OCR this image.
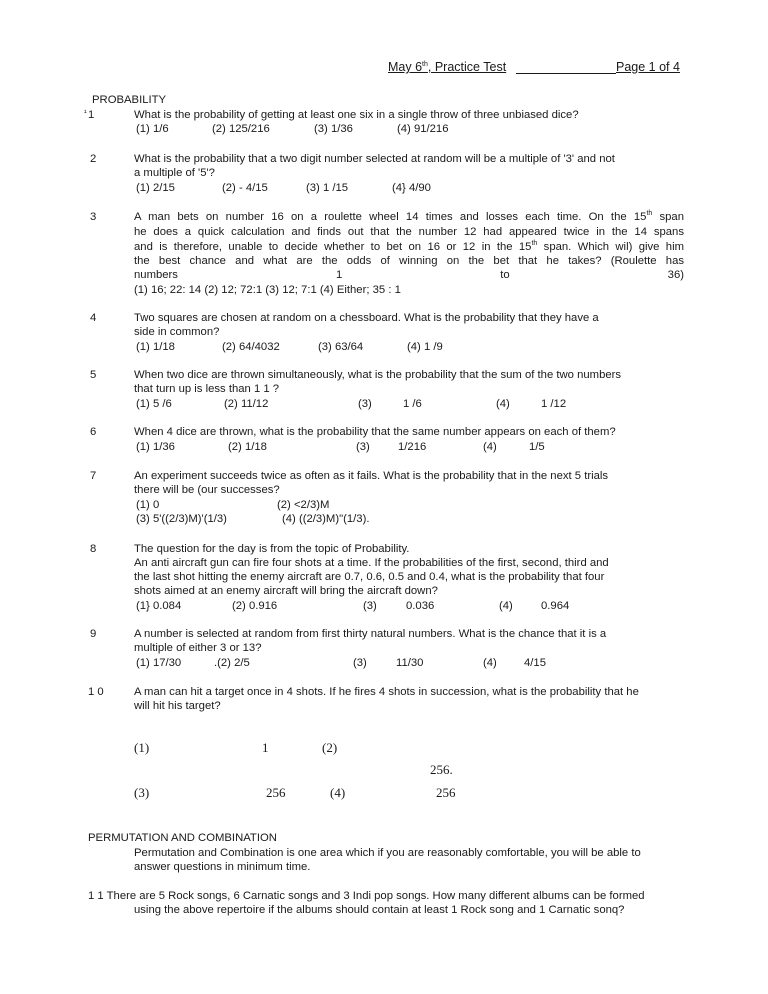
May 6th, Practice Test	Page 1 of 4
PROBABILITY
¹ 1	What is the probability of getting at least one six in a single throw of three unbiased dice?
(1) 1/6	(2) 125/216	(3) 1/36	(4) 91/216
2	What is the probability that a two digit number selected at random will be a multiple of '3' and not
a multiple of '5'?
(1) 2/15	(2) - 4/15	(3) 1 /15	(4} 4/90
3	A man bets on number 16 on a roulette wheel 14 times and losses each time. On the 15th span
he does a quick calculation and finds out that the number 12 had appeared twice in the 14 spans
and is therefore, unable to decide whether to bet on 16 or 12 in the 15th span. Which wil) give him
the best chance and what are the odds of winning on the bet that he takes? (Roulette has
numbers	1	to	36)
(1) 16; 22: 14 (2) 12; 72:1 (3) 12; 7:1 (4) Either; 35 : 1
4	Two squares are chosen at random on a chessboard. What is the probability that they have a
side in common?
(1) 1/18	(2) 64/4032	(3) 63/64	(4) 1 /9
5	When two dice are thrown simultaneously, what is the probability that the sum of the two numbers
that turn up is less than 1 1 ?
(1) 5 /6	(2) 11/12	(3)	1 /6	(4)	1 /12
6	When 4 dice are thrown, what is the probability that the same number appears on each of them?
(1) 1/36	(2) 1/18	(3) 1/216	(4)	1/5
7	An experiment succeeds twice as often as it fails. What is the probability that in the next 5 trials
there will be (our successes?
(1) 0	(2) <2/3)M
(3) 5'((2/3)M)'(1/3)	(4) ((2/3)M)"(1/3).
8	The question for the day is from the topic of Probability.
An anti aircraft gun can fire four shots at a time. If the probabilities of the first, second, third and
the last shot hitting the enemy aircraft are 0.7, 0.6, 0.5 and 0.4, what is the probability that four
shots aimed at an enemy aircraft will bring the aircraft down?
(1} 0.084	(2) 0.916	(3)	0.036	(4) 0.964
9	A number is selected at random from first thirty natural numbers. What is the chance that it is a
multiple of either 3 or 13?
(1) 17/30	.(2) 2/5	(3)	11/30	(4) 4/15
1 0	A man can hit a target once in 4 shots. If he fires 4 shots in succession, what is the probability that he
will hit his target?
(1)	1	(2)
256.
(3)	256	(4)	256
PERMUTATION AND COMBINATION
Permutation and Combination is one area which if you are reasonably comfortable, you will be able to
answer questions in minimum time.
1 1 There are 5 Rock songs, 6 Carnatic songs and 3 Indi pop songs. How many different albums can be formed
using the above repertoire if the albums should contain at least 1 Rock song and 1 Carnatic sonq?
